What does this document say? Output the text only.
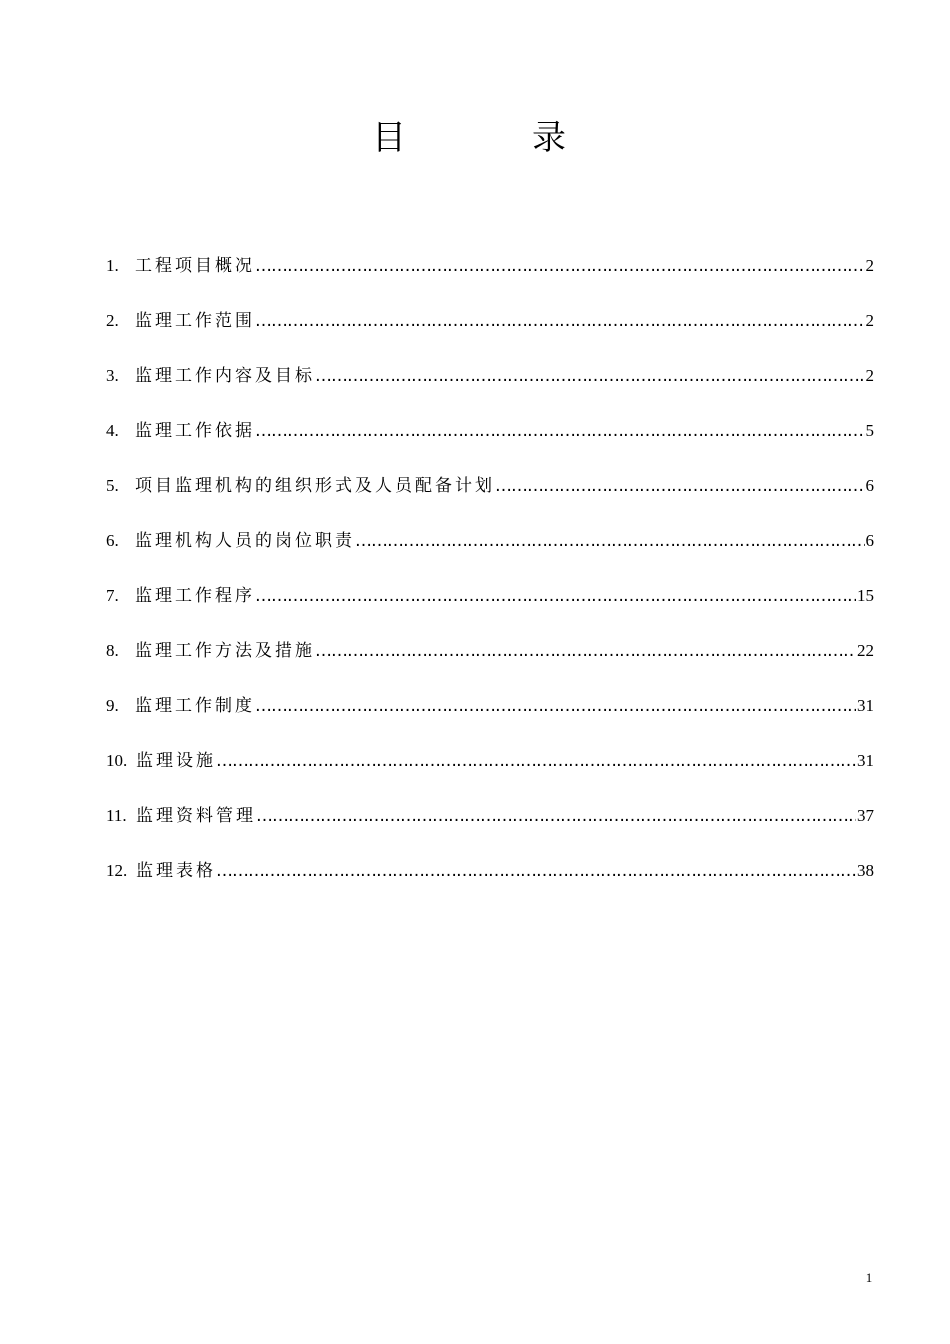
目　录
1. 工程项目概况 …………………………………………………………………………………………………………………………………………………………………………………………	2
2. 监理工作范围 …………………………………………………………………………………………………………………………………………………………………………………………	2
3. 监理工作内容及目标 …………………………………………………………………………………………………………………………………………………………………………………………	2
4. 监理工作依据 …………………………………………………………………………………………………………………………………………………………………………………………	5
5. 项目监理机构的组织形式及人员配备计划 …………………………………………………………………………………………………………………………………………………………………………………………	6
6. 监理机构人员的岗位职责 …………………………………………………………………………………………………………………………………………………………………………………………	6
7. 监理工作程序 …………………………………………………………………………………………………………………………………………………………………………………………	15
8. 监理工作方法及措施 …………………………………………………………………………………………………………………………………………………………………………………………	22
9. 监理工作制度 …………………………………………………………………………………………………………………………………………………………………………………………	31
10. 监理设施 …………………………………………………………………………………………………………………………………………………………………………………………	31
11. 监理资料管理 …………………………………………………………………………………………………………………………………………………………………………………………	37
12. 监理表格 …………………………………………………………………………………………………………………………………………………………………………………………	38
1
